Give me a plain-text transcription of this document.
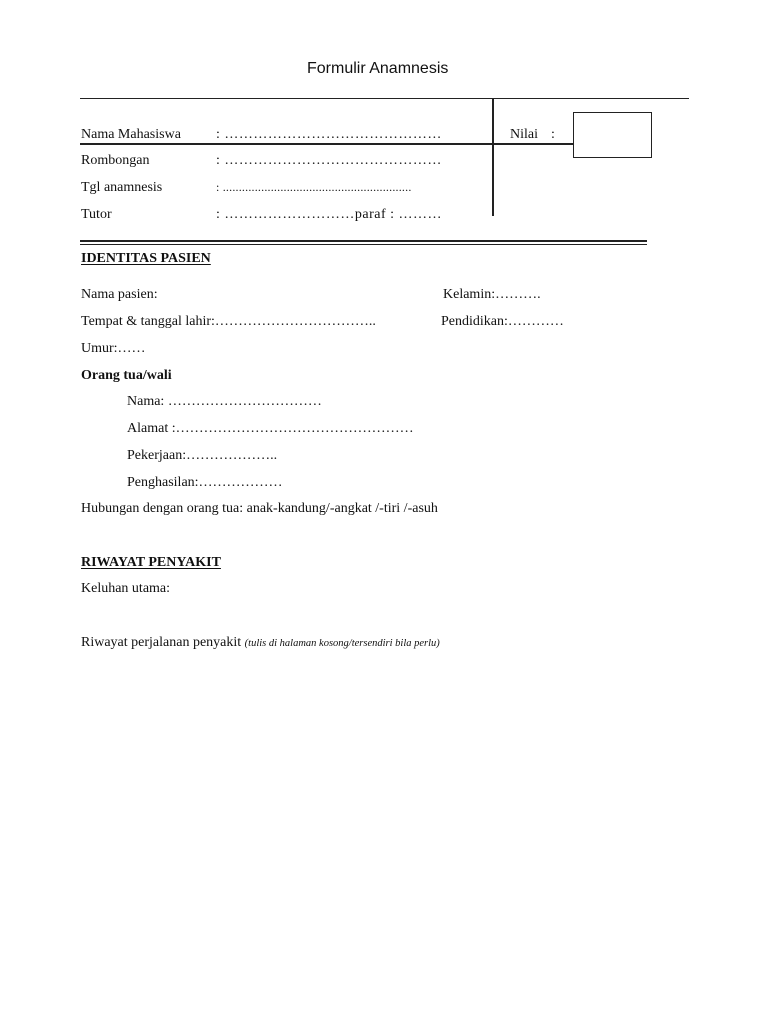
Formulir Anamnesis
Nama Mahasiswa	: ………………………………………	Nilai :
Rombongan	: ………………………………………
Tgl anamnesis	: ...........................................................
Tutor	: ………………………paraf : ………
IDENTITAS PASIEN
Nama pasien:	Kelamin:……….
Tempat & tanggal lahir:……………………………..	Pendidikan:…………
Umur:……
Orang tua/wali
Nama: ……………………………
Alamat :……………………………………………
Pekerjaan:………………..
Penghasilan:………………
Hubungan dengan orang tua: anak-kandung/-angkat /-tiri /-asuh
RIWAYAT PENYAKIT
Keluhan utama:
Riwayat perjalanan penyakit (tulis di halaman kosong/tersendiri bila perlu)
